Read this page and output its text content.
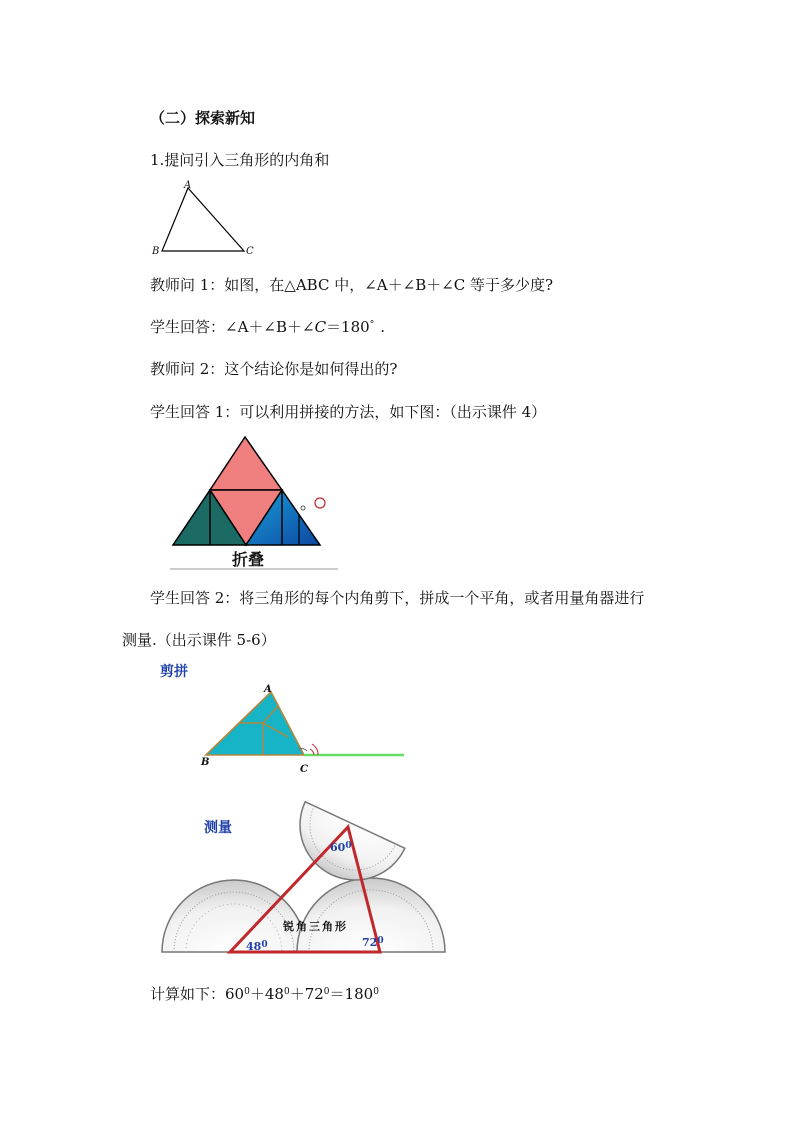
（二）探索新知
1.提问引入三角形的内角和
A
B	C
教师问 1：如图，在△ABC 中，∠A＋∠B＋∠C 等于多少度?
学生回答：∠A＋∠B＋∠C＝180° .
教师问 2：这个结论你是如何得出的?
学生回答 1：可以利用拼接的方法，如下图：（出示课件 4）
折叠
学生回答 2：将三角形的每个内角剪下，拼成一个平角，或者用量角器进行
测量.（出示课件 5-6）
剪拼
A
B
C
测量
$60^0$
$48^0$	$72^0$
锐角三角形
计算如下：$60^0+48^0+72^0=180^0$
